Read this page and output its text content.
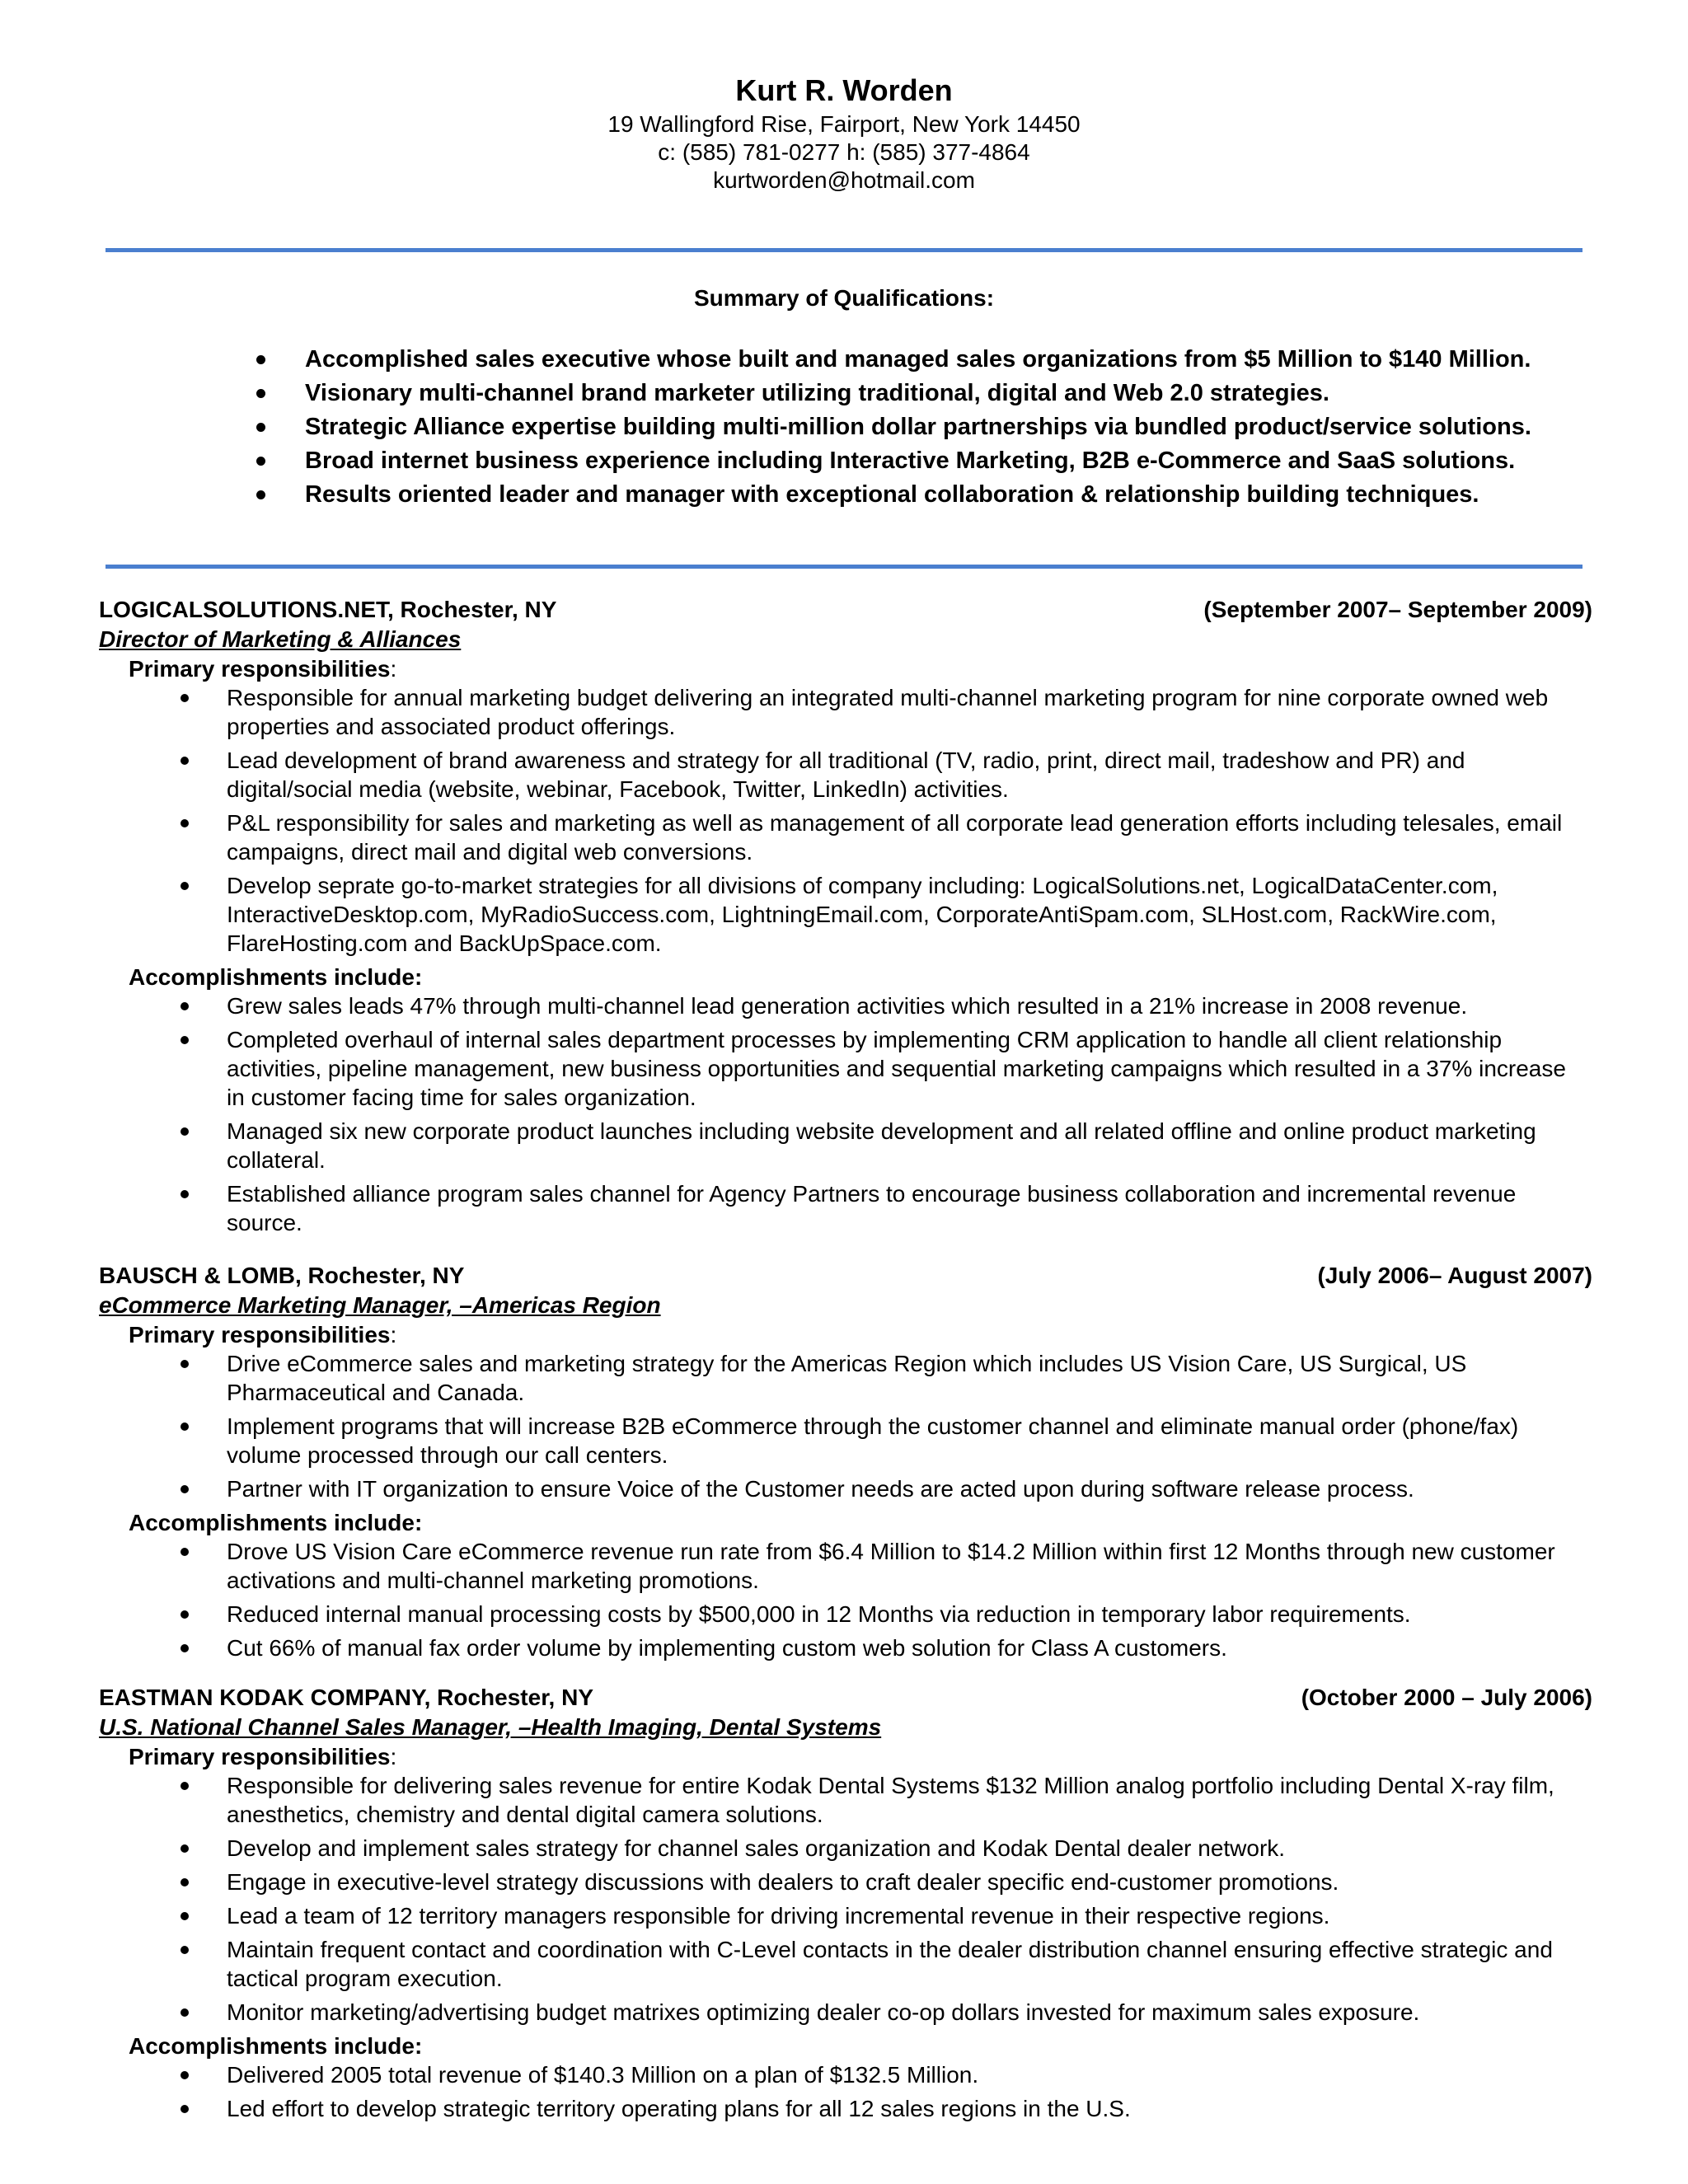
Kurt R. Worden
19 Wallingford Rise, Fairport, New York 14450
c: (585) 781-0277 h: (585) 377-4864
kurtworden@hotmail.com
Summary of Qualifications:
Accomplished sales executive whose built and managed sales organizations from $5 Million to $140 Million.
Visionary multi-channel brand marketer utilizing traditional, digital and Web 2.0 strategies.
Strategic Alliance expertise building multi-million dollar partnerships via bundled product/service solutions.
Broad internet business experience including Interactive Marketing, B2B e-Commerce and SaaS solutions.
Results oriented leader and manager with exceptional collaboration & relationship building techniques.
LOGICALSOLUTIONS.NET, Rochester, NY	(September 2007– September 2009)
Director of Marketing & Alliances
Primary responsibilities:
Responsible for annual marketing budget delivering an integrated multi-channel marketing program for nine corporate owned web properties and associated product offerings.
Lead development of brand awareness and strategy for all traditional (TV, radio, print, direct mail, tradeshow and PR) and digital/social media (website, webinar, Facebook, Twitter, LinkedIn) activities.
P&L responsibility for sales and marketing as well as management of all corporate lead generation efforts including telesales, email campaigns, direct mail and digital web conversions.
Develop seprate go-to-market strategies for all divisions of company including: LogicalSolutions.net, LogicalDataCenter.com, InteractiveDesktop.com, MyRadioSuccess.com, LightningEmail.com, CorporateAntiSpam.com, SLHost.com, RackWire.com, FlareHosting.com and BackUpSpace.com.
Accomplishments include:
Grew sales leads 47% through multi-channel lead generation activities which resulted in a 21% increase in 2008 revenue.
Completed overhaul of internal sales department processes by implementing CRM application to handle all client relationship activities, pipeline management, new business opportunities and sequential marketing campaigns which resulted in a 37% increase in customer facing time for sales organization.
Managed six new corporate product launches including website development and all related offline and online product marketing collateral.
Established alliance program sales channel for Agency Partners to encourage business collaboration and incremental revenue source.
BAUSCH & LOMB, Rochester, NY	(July 2006– August 2007)
eCommerce Marketing Manager, –Americas Region
Primary responsibilities:
Drive eCommerce sales and marketing strategy for the Americas Region which includes US Vision Care, US Surgical, US Pharmaceutical and Canada.
Implement programs that will increase B2B eCommerce through the customer channel and eliminate manual order (phone/fax) volume processed through our call centers.
Partner with IT organization to ensure Voice of the Customer needs are acted upon during software release process.
Accomplishments include:
Drove US Vision Care eCommerce revenue run rate from $6.4 Million to $14.2 Million within first 12 Months through new customer activations and multi-channel marketing promotions.
Reduced internal manual processing costs by $500,000 in 12 Months via reduction in temporary labor requirements.
Cut 66% of manual fax order volume by implementing custom web solution for Class A customers.
EASTMAN KODAK COMPANY, Rochester, NY	(October 2000 – July 2006)
U.S. National Channel Sales Manager, –Health Imaging, Dental Systems
Primary responsibilities:
Responsible for delivering sales revenue for entire Kodak Dental Systems $132 Million analog portfolio including Dental X-ray film, anesthetics, chemistry and dental digital camera solutions.
Develop and implement sales strategy for channel sales organization and Kodak Dental dealer network.
Engage in executive-level strategy discussions with dealers to craft dealer specific end-customer promotions.
Lead a team of 12 territory managers responsible for driving incremental revenue in their respective regions.
Maintain frequent contact and coordination with C-Level contacts in the dealer distribution channel ensuring effective strategic and tactical program execution.
Monitor marketing/advertising budget matrixes optimizing dealer co-op dollars invested for maximum sales exposure.
Accomplishments include:
Delivered 2005 total revenue of $140.3 Million on a plan of $132.5 Million.
Led effort to develop strategic territory operating plans for all 12 sales regions in the U.S.
